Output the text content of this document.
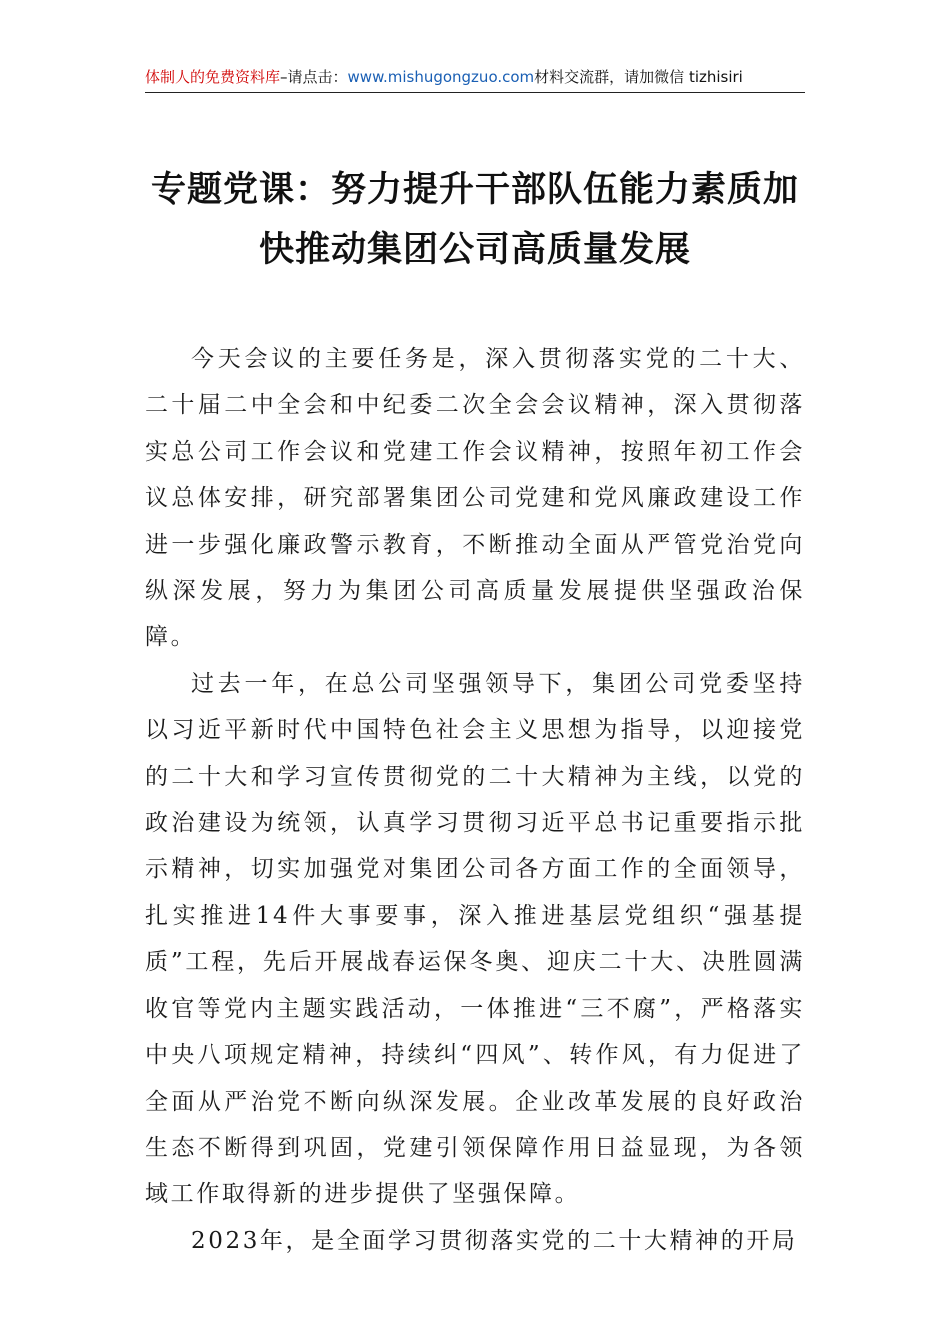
体制人的免费资料库–请点击：www.mishugongzuo.com材料交流群，请加微信 tizhisiri
专题党课：努力提升干部队伍能力素质加
快推动集团公司高质量发展

今天会议的主要任务是，深入贯彻落实党的二十大、二十届二中全会和中纪委二次全会会议精神，深入贯彻落实总公司工作会议和党建工作会议精神，按照年初工作会议总体安排，研究部署集团公司党建和党风廉政建设工作进一步强化廉政警示教育，不断推动全面从严管党治党向纵深发展，努力为集团公司高质量发展提供坚强政治保障。

过去一年，在总公司坚强领导下，集团公司党委坚持以习近平新时代中国特色社会主义思想为指导，以迎接党的二十大和学习宣传贯彻党的二十大精神为主线，以党的政治建设为统领，认真学习贯彻习近平总书记重要指示批示精神，切实加强党对集团公司各方面工作的全面领导，扎实推进14件大事要事，深入推进基层党组织“强基提质”工程，先后开展战春运保冬奥、迎庆二十大、决胜圆满收官等党内主题实践活动，一体推进“三不腐”，严格落实中央八项规定精神，持续纠“四风”、转作风，有力促进了全面从严治党不断向纵深发展。企业改革发展的良好政治生态不断得到巩固，党建引领保障作用日益显现，为各领域工作取得新的进步提供了坚强保障。

2023年，是全面学习贯彻落实党的二十大精神的开局
